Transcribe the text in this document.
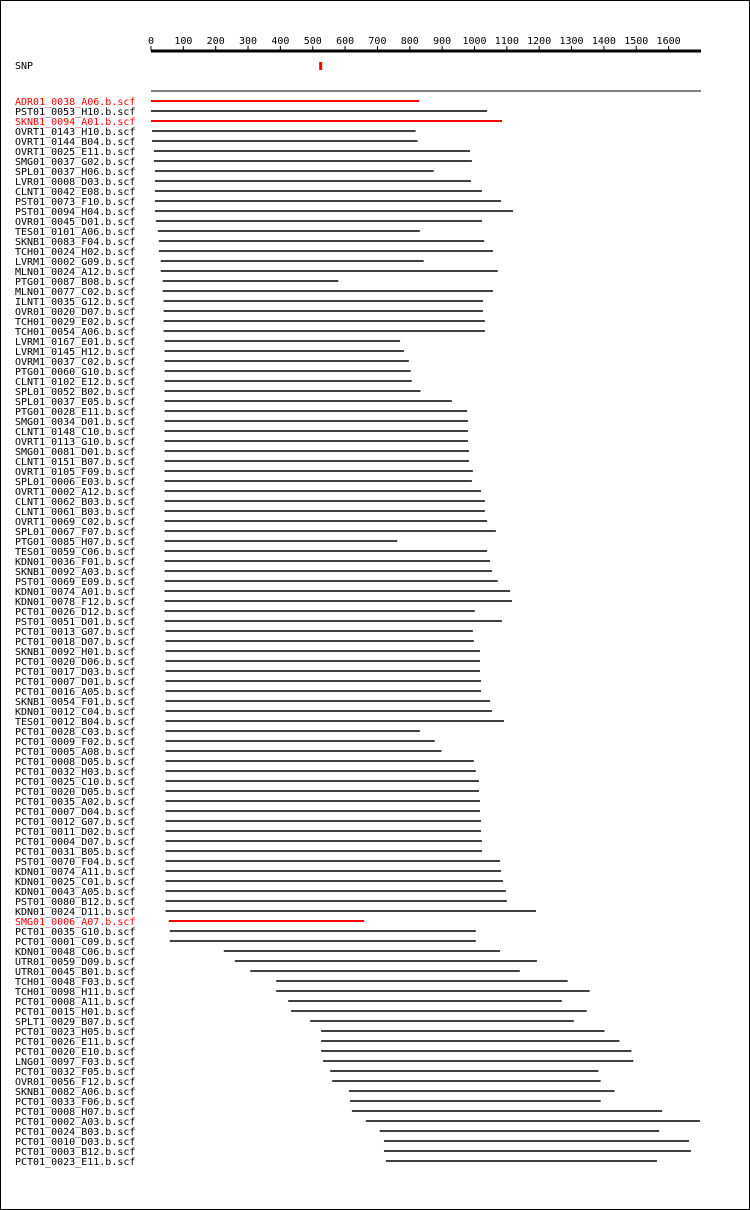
0 100 200 300 400 500 600 700 800 900 1000 1100 1200 1300 1400 1500 1600
SNP
ADR01_0038_A06.b.scf
PST01_0053_H10.b.scf
SKNB1_0094_A01.b.scf
OVRT1_0143_H10.b.scf
OVRT1_0144_B04.b.scf
OVRT1_0025_E11.b.scf
SMG01_0037_G02.b.scf
SPL01_0037_H06.b.scf
LVR01_0008_D03.b.scf
CLNT1_0042_E08.b.scf
PST01_0073_F10.b.scf
PST01_0094_H04.b.scf
OVR01_0045_D01.b.scf
TES01_0101_A06.b.scf
SKNB1_0083_F04.b.scf
TCH01_0024_H02.b.scf
LVRM1_0002_G09.b.scf
MLN01_0024_A12.b.scf
PTG01_0087_B08.b.scf
MLN01_0077_C02.b.scf
ILNT1_0035_G12.b.scf
OVR01_0020_D07.b.scf
TCH01_0029_E02.b.scf
TCH01_0054_A06.b.scf
LVRM1_0167_E01.b.scf
LVRM1_0145_H12.b.scf
OVRM1_0037_C02.b.scf
PTG01_0060_G10.b.scf
CLNT1_0102_E12.b.scf
SPL01_0052_B02.b.scf
SPL01_0037_E05.b.scf
PTG01_0028_E11.b.scf
SMG01_0034_D01.b.scf
CLNT1_0148_C10.b.scf
OVRT1_0113_G10.b.scf
SMG01_0081_D01.b.scf
CLNT1_0151_B07.b.scf
OVRT1_0105_F09.b.scf
SPL01_0006_E03.b.scf
OVRT1_0002_A12.b.scf
CLNT1_0062_B03.b.scf
CLNT1_0061_B03.b.scf
OVRT1_0069_C02.b.scf
SPL01_0067_F07.b.scf
PTG01_0085_H07.b.scf
TES01_0059_C06.b.scf
KDN01_0036_F01.b.scf
SKNB1_0092_A03.b.scf
PST01_0069_E09.b.scf
KDN01_0074_A01.b.scf
KDN01_0078_F12.b.scf
PCT01_0026_D12.b.scf
PST01_0051_D01.b.scf
PCT01_0013_G07.b.scf
PCT01_0018_D07.b.scf
SKNB1_0092_H01.b.scf
PCT01_0020_D06.b.scf
PCT01_0017_D03.b.scf
PCT01_0007_D01.b.scf
PCT01_0016_A05.b.scf
SKNB1_0054_F01.b.scf
KDN01_0012_C04.b.scf
TES01_0012_B04.b.scf
PCT01_0028_C03.b.scf
PCT01_0009_F02.b.scf
PCT01_0005_A08.b.scf
PCT01_0008_D05.b.scf
PCT01_0032_H03.b.scf
PCT01_0025_C10.b.scf
PCT01_0020_D05.b.scf
PCT01_0035_A02.b.scf
PCT01_0007_D04.b.scf
PCT01_0012_G07.b.scf
PCT01_0011_D02.b.scf
PCT01_0004_D07.b.scf
PCT01_0031_B05.b.scf
PST01_0070_F04.b.scf
KDN01_0074_A11.b.scf
KDN01_0025_C01.b.scf
KDN01_0043_A05.b.scf
PST01_0080_B12.b.scf
KDN01_0024_D11.b.scf
SMG01_0006_A07.b.scf
PCT01_0035_G10.b.scf
PCT01_0001_C09.b.scf
KDN01_0048_C06.b.scf
UTR01_0059_D09.b.scf
UTR01_0045_B01.b.scf
TCH01_0048_F03.b.scf
TCH01_0098_H11.b.scf
PCT01_0008_A11.b.scf
PCT01_0015_H01.b.scf
SPLT1_0029_B07.b.scf
PCT01_0023_H05.b.scf
PCT01_0026_E11.b.scf
PCT01_0020_E10.b.scf
LNG01_0097_F03.b.scf
PCT01_0032_F05.b.scf
OVR01_0056_F12.b.scf
SKNB1_0082_A06.b.scf
PCT01_0033_F06.b.scf
PCT01_0008_H07.b.scf
PCT01_0002_A03.b.scf
PCT01_0024_B03.b.scf
PCT01_0010_D03.b.scf
PCT01_0003_B12.b.scf
PCT01_0023_E11.b.scf
